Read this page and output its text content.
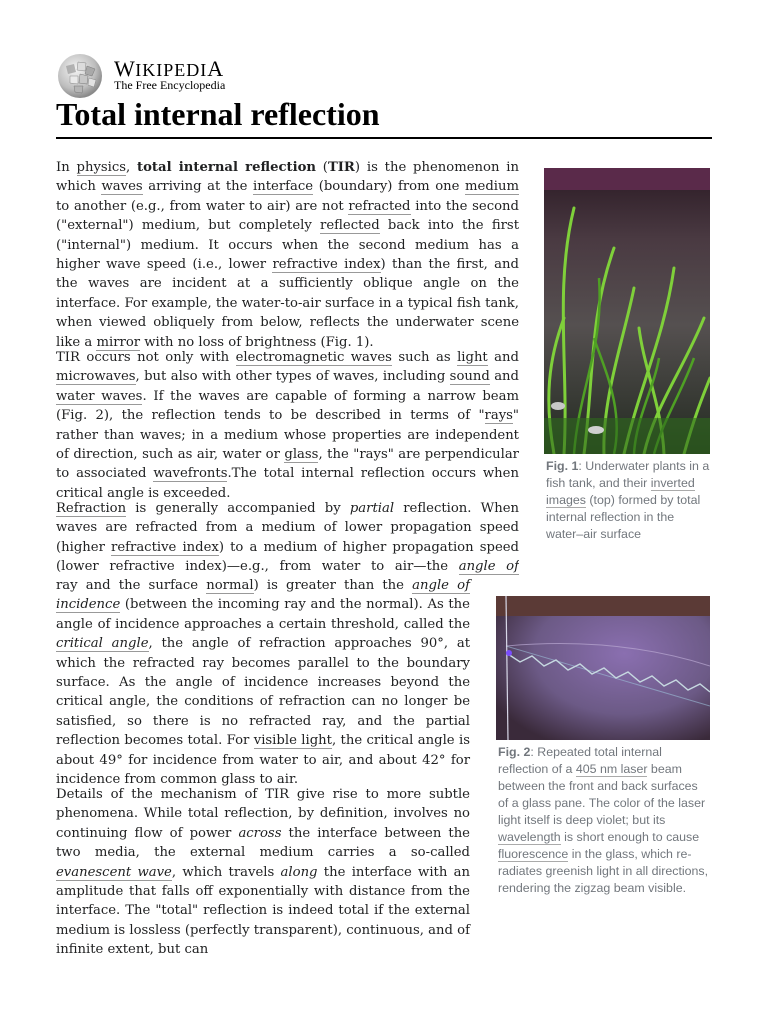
WIKIPEDIA
The Free Encyclopedia
Total internal reflection

In physics, total internal reflection (TIR) is the phenomenon in which waves arriving at the interface (boundary) from one medium to another (e.g., from water to air) are not refracted into the second ("external") medium, but completely reflected back into the first ("internal") medium. It occurs when the second medium has a higher wave speed (i.e., lower refractive index) than the first, and the waves are incident at a sufficiently oblique angle on the interface. For example, the water-to-air surface in a typical fish tank, when viewed obliquely from below, reflects the underwater scene like a mirror with no loss of brightness (Fig. 1).

TIR occurs not only with electromagnetic waves such as light and microwaves, but also with other types of waves, including sound and water waves. If the waves are capable of forming a narrow beam (Fig. 2), the reflection tends to be described in terms of "rays" rather than waves; in a medium whose properties are independent of direction, such as air, water or glass, the "rays" are perpendicular to associated wavefronts.The total internal reflection occurs when critical angle is exceeded.

Refraction is generally accompanied by partial reflection. When waves are refracted from a medium of lower propagation speed (higher refractive index) to a medium of higher propagation speed (lower refractive index)—e.g., from water to air—the angle of

ray and the surface normal) is greater than the angle of incidence (between the incoming ray and the normal). As the angle of incidence approaches a certain threshold, called the critical angle, the angle of refraction approaches 90°, at which the refracted ray becomes parallel to the boundary surface. As the angle of incidence increases beyond the critical angle, the conditions of refraction can no longer be satisfied, so there is no refracted ray, and the partial reflection becomes total. For visible light, the critical angle is about 49° for incidence from water to air, and about 42° for incidence from common glass to air.

Details of the mechanism of TIR give rise to more subtle phenomena. While total reflection, by definition, involves no continuing flow of power across the interface between the two media, the external medium carries a so-called evanescent wave, which travels along the interface with an amplitude that falls off exponentially with distance from the interface. The "total" reflection is indeed total if the external medium is lossless (perfectly transparent), continuous, and of infinite extent, but can

Fig. 1: Underwater plants in a fish tank, and their inverted images (top) formed by total internal reflection in the water–air surface
Fig. 2: Repeated total internal reflection of a 405 nm laser beam between the front and back surfaces of a glass pane. The color of the laser light itself is deep violet; but its wavelength is short enough to cause fluorescence in the glass, which re-radiates greenish light in all directions, rendering the zigzag beam visible.
